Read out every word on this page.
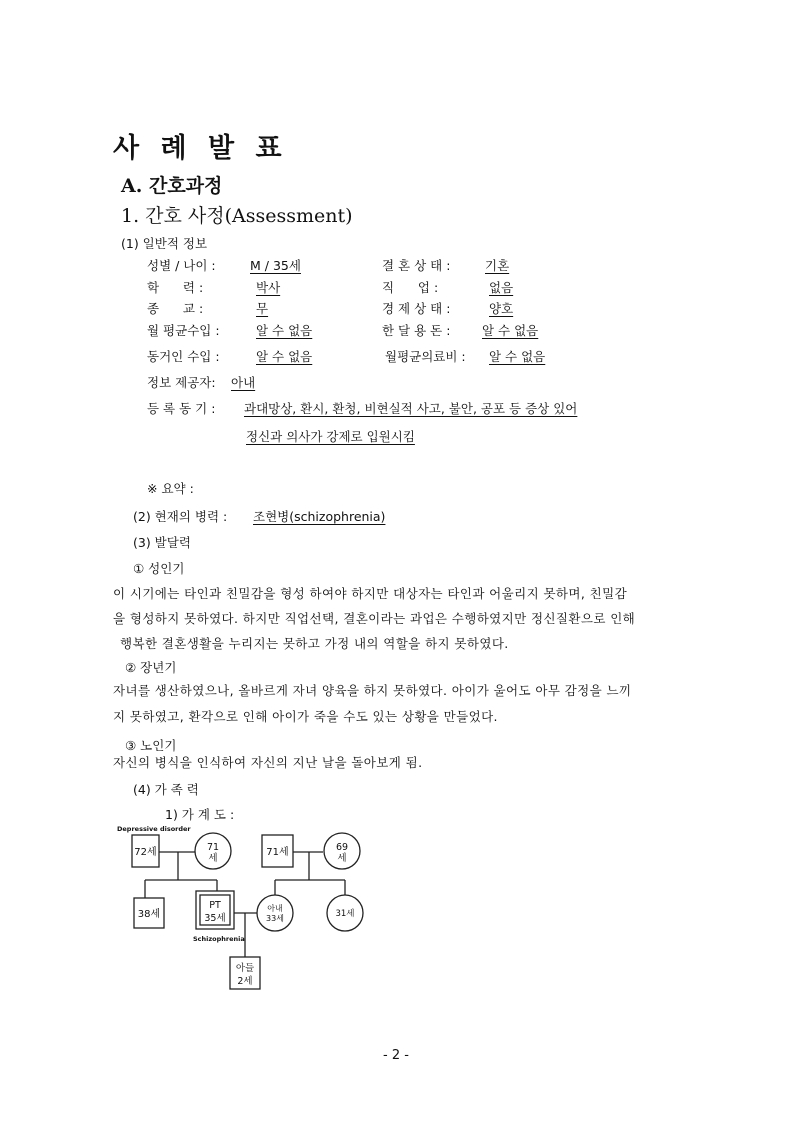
사 례 발 표
A. 간호과정
1. 간호 사정(Assessment)
(1) 일반적 정보
성별 / 나이 :	M / 35세	결 혼 상 태 :	기혼
학      력 :	박사	직      업 :	없음
종      교 :	무	경 제 상 태 :	양호
월 평균수입 :	알 수 없음	한 달 용 돈 :	알 수 없음
동거인 수입 :	알 수 없음	월평균의료비 : 알 수 없음
정보 제공자: 아내
등 록 동 기 : 과대망상, 환시, 환청, 비현실적 사고, 불안, 공포 등 증상 있어
정신과 의사가 강제로 입원시킴
※ 요약 :
(2) 현재의 병력 : 조현병(schizophrenia)
(3) 발달력
① 성인기
이 시기에는 타인과 친밀감을 형성 하여야 하지만 대상자는 타인과 어울리지 못하며, 친밀감
을 형성하지 못하였다. 하지만 직업선택, 결혼이라는 과업은 수행하였지만 정신질환으로 인해
행복한 결혼생활을 누리지는 못하고 가정 내의 역할을 하지 못하였다.
② 장년기
자녀를 생산하였으나, 올바르게 자녀 양육을 하지 못하였다. 아이가 울어도 아무 감정을 느끼
지 못하였고, 환각으로 인해 아이가 죽을 수도 있는 상황을 만들었다.
③ 노인기
자신의 병식을 인식하여 자신의 지난 날을 돌아보게 됨.
(4) 가 족 력
1) 가 계 도 :
Depressive disorder
72세	71
세
71세	69
세
38세
PT
35세
Schizophrenia
아내
33세	31세
아들
2세
- 2 -
